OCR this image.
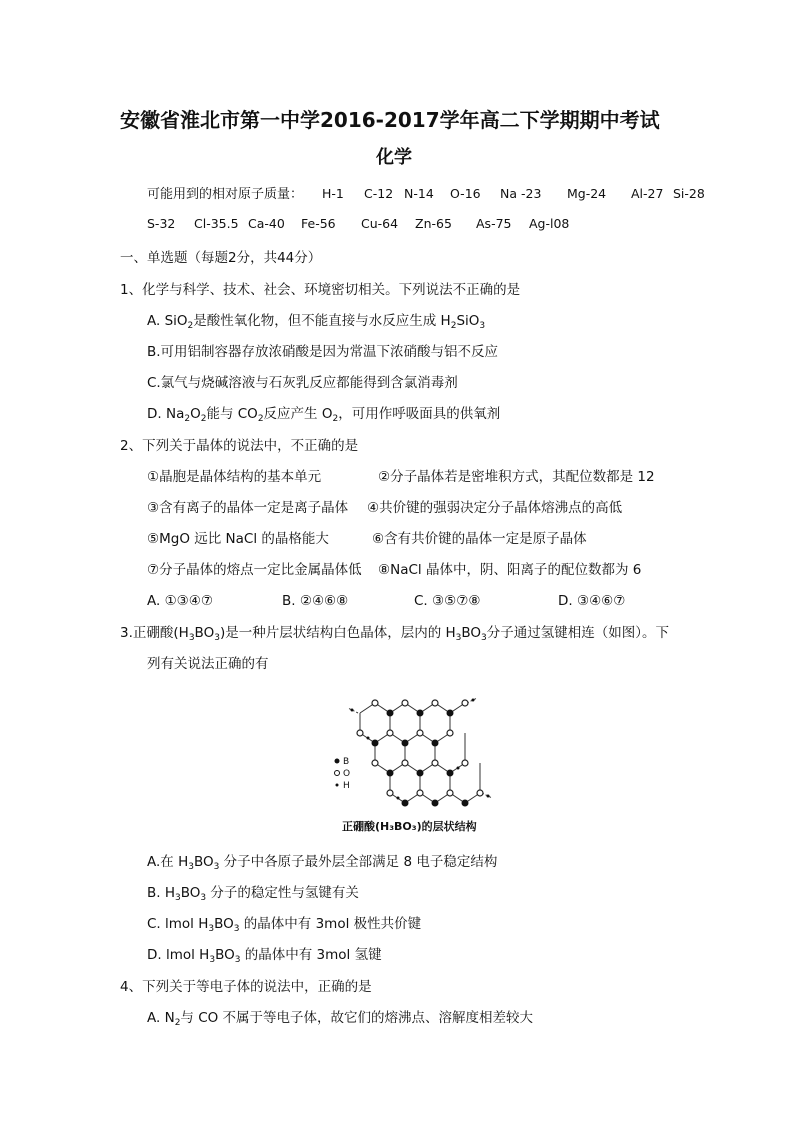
安徽省淮北市第一中学2016-2017学年高二下学期期中考试
化学
可能用到的相对原子质量： H-1 C-12 N-14 O-16 Na -23 Mg-24 Al-27 Si-28
S-32 Cl-35.5 Ca-40 Fe-56 Cu-64 Zn-65 As-75 Ag-l08
一、单选题（每题2分，共44分）
1、化学与科学、技术、社会、环境密切相关。下列说法不正确的是
A. SiO$_2$是酸性氧化物，但不能直接与水反应生成 $H_2SiO_3$
B.可用铝制容器存放浓硝酸是因为常温下浓硝酸与铝不反应
C.氯气与烧碱溶液与石灰乳反应都能得到含氯消毒剂
D. $Na_2O_2$能与 $CO_2$反应产生 $O_2$，可用作呼吸面具的供氧剂
2、下列关于晶体的说法中，不正确的是
①晶胞是晶体结构的基本单元	②分子晶体若是密堆积方式，其配位数都是 12
③含有离子的晶体一定是离子晶体 ④共价键的强弱决定分子晶体熔沸点的高低
⑤MgO 远比 NaCl 的晶格能大	⑥含有共价键的晶体一定是原子晶体
⑦分子晶体的熔点一定比金属晶体低 ⑧NaCl 晶体中，阴、阳离子的配位数都为 6
A. ①③④⑦	B. ②④⑥⑧	C. ③⑤⑦⑧	D. ③④⑥⑦
3.正硼酸$(H_3BO_3)$是一种片层状结构白色晶体，层内的 $H_3BO_3$分子通过氢键相连（如图）。下
列有关说法正确的有
B
O
H
正硼酸(H₃BO₃)的层状结构
A.在 $H_3BO_3$ 分子中各原子最外层全部满足 8 电子稳定结构
B. $H_3BO_3$ 分子的稳定性与氢键有关
C. lmol $H_3BO_3$ 的晶体中有 3mol 极性共价键
D. lmol $H_3BO_3$ 的晶体中有 3mol 氢键
4、下列关于等电子体的说法中，正确的是
A. $N_2$与 CO 不属于等电子体，故它们的熔沸点、溶解度相差较大
